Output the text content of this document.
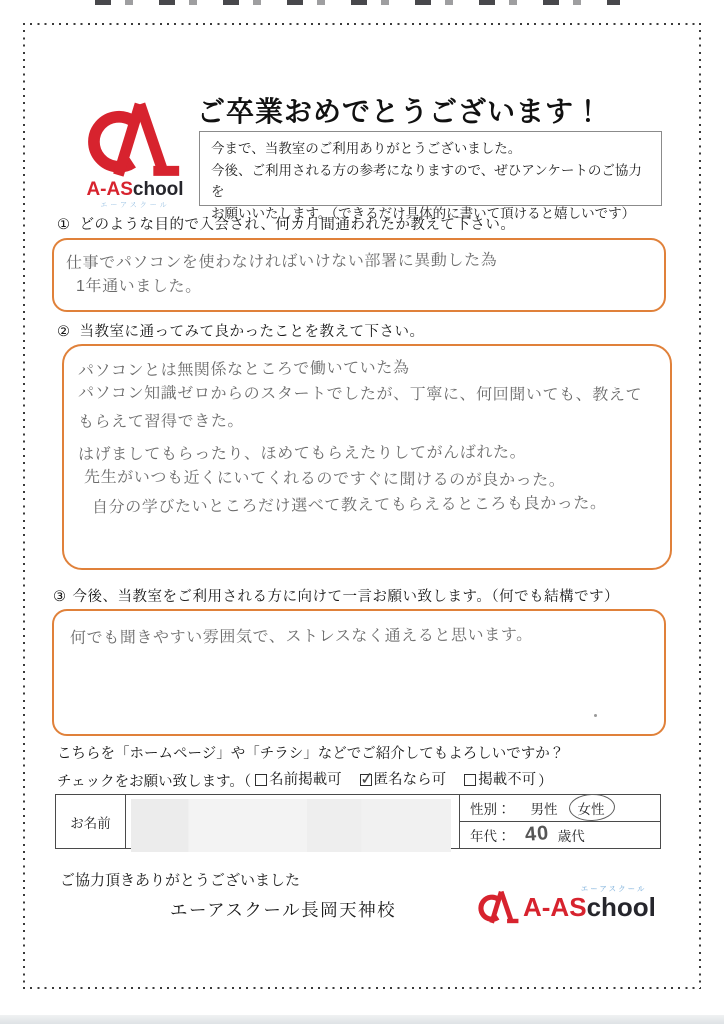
A-ASchool
エーアスクール
ご卒業おめでとうございます！
今まで、当教室のご利用ありがとうございました。
今後、ご利用される方の参考になりますので、ぜひアンケートのご協力を
お願いいたします。（できるだけ具体的に書いて頂けると嬉しいです）
① どのような目的で入会され、何カ月間通われたか教えて下さい。
仕事でパソコンを使わなければいけない部署に異動した為
1年通いました。
② 当教室に通ってみて良かったことを教えて下さい。
パソコンとは無関係なところで働いていた為
パソコン知識ゼロからのスタートでしたが、丁寧に、何回聞いても、教えて
もらえて習得できた。
はげましてもらったり、ほめてもらえたりしてがんばれた。
先生がいつも近くにいてくれるのですぐに聞けるのが良かった。
自分の学びたいところだけ選べて教えてもらえるところも良かった。
③ 今後、当教室をご利用される方に向けて一言お願い致します。（何でも結構です）
何でも聞きやすい雰囲気で、ストレスなく通えると思います。
こちらを「ホームページ」や「チラシ」などでご紹介してもよろしいですか？
チェックをお願い致します。（ 名前掲載可 ✓ 匿名なら可 掲載不可 ）
お名前
性別： 男性 女性
年代： 40 歳代
ご協力頂きありがとうございました
エーアスクール長岡天神校
エーアスクール
A-ASchool
